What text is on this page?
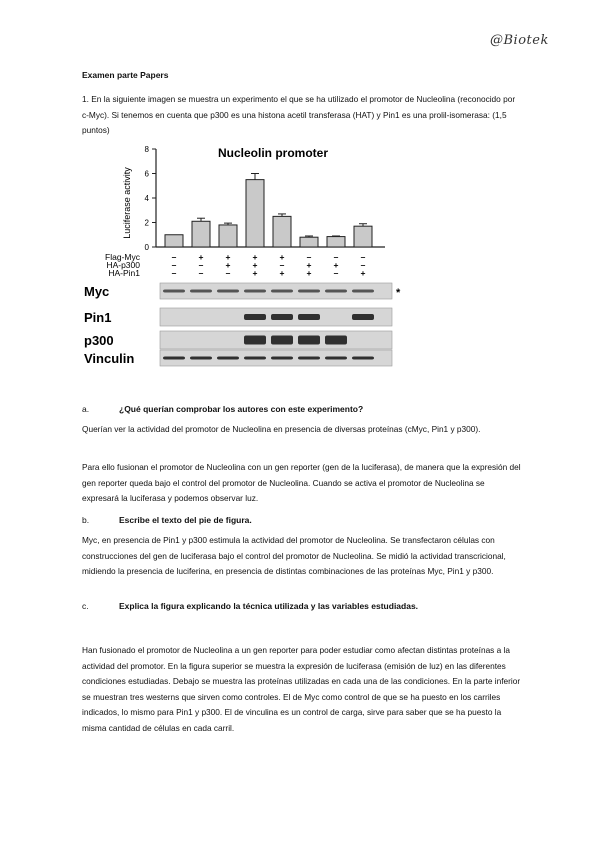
@Biotek
Examen parte Papers
1. En la siguiente imagen se muestra un experimento el que se ha utilizado el promotor de Nucleolina (reconocido por c-Myc). Si tenemos en cuenta que p300 es una histona acetil transferasa (HAT) y Pin1 es una prolil-isomerasa: (1,5 puntos)
Nucleolin promoter
Luciferase activity
0
2
4
6
8
Flag-Myc	–	+	+	+	+	–	–	–
HA-p300	–	–	+	+	–	+	+	–
HA-Pin1	–	–	–	+	+	+	–	+
Myc	*
Pin1
p300
Vinculin
a.	¿Qué querían comprobar los autores con este experimento?
Querían ver la actividad del promotor de Nucleolina en presencia de diversas proteínas (cMyc, Pin1 y p300).
Para ello fusionan el promotor de Nucleolina con un gen reporter (gen de la luciferasa), de manera que la expresión del gen reporter queda bajo el control del promotor de Nucleolina. Cuando se activa el promotor de Nucleolina se expresará la luciferasa y podemos observar luz.
b.	Escribe el texto del pie de figura.
Myc, en presencia de Pin1 y p300 estimula la actividad del promotor de Nucleolina. Se transfectaron células con construcciones del gen de luciferasa bajo el control del promotor de Nucleolina. Se midió la actividad transcricional, midiendo la presencia de luciferina, en presencia de distintas combinaciones de las proteínas Myc, Pin1 y p300.
c.	Explica la figura explicando la técnica utilizada y las variables estudiadas.
Han fusionado el promotor de Nucleolina a un gen reporter para poder estudiar como afectan distintas proteínas a la actividad del promotor. En la figura superior se muestra la expresión de luciferasa (emisión de luz) en las diferentes condiciones estudiadas. Debajo se muestra las proteínas utilizadas en cada una de las condiciones. En la parte inferior se muestran tres westerns que sirven como controles. El de Myc como control de que se ha puesto en los carriles indicados, lo mismo para Pin1 y p300. El de vinculina es un control de carga, sirve para saber que se ha puesto la misma cantidad de células en cada carril.
